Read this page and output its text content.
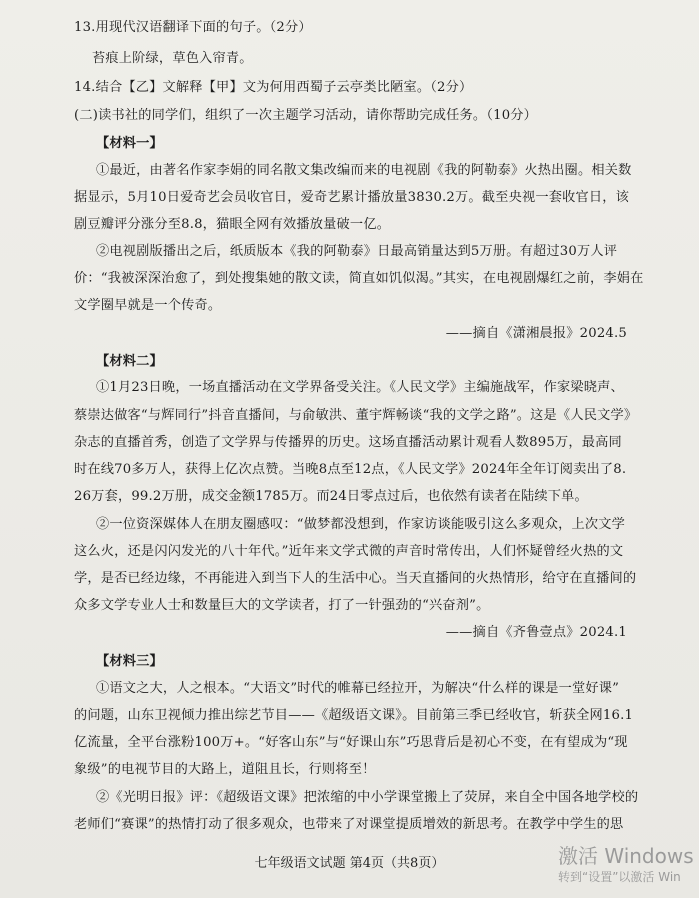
13.用现代汉语翻译下面的句子。（2分）
苔痕上阶绿，草色入帘青。
14.结合【乙】文解释【甲】文为何用西蜀子云亭类比陋室。（2分）
(二)读书社的同学们，组织了一次主题学习活动，请你帮助完成任务。（10分）
【材料一】
①最近，由著名作家李娟的同名散文集改编而来的电视剧《我的阿勒泰》火热出圈。相关数
据显示，5月10日爱奇艺会员收官日，爱奇艺累计播放量3830.2万。截至央视一套收官日，该
剧豆瓣评分涨分至8.8，猫眼全网有效播放量破一亿。
②电视剧版播出之后，纸质版本《我的阿勒泰》日最高销量达到5万册。有超过30万人评
价：“我被深深治愈了，到处搜集她的散文读，简直如饥似渴。”其实，在电视剧爆红之前，李娟在
文学圈早就是一个传奇。
——摘自《潇湘晨报》2024.5
【材料二】
①1月23日晚，一场直播活动在文学界备受关注。《人民文学》主编施战军，作家梁晓声、
蔡崇达做客“与辉同行”抖音直播间，与俞敏洪、董宇辉畅谈“我的文学之路”。这是《人民文学》
杂志的直播首秀，创造了文学界与传播界的历史。这场直播活动累计观看人数895万，最高同
时在线70多万人，获得上亿次点赞。当晚8点至12点，《人民文学》2024年全年订阅卖出了8.
26万套，99.2万册，成交金额1785万。而24日零点过后，也依然有读者在陆续下单。
②一位资深媒体人在朋友圈感叹：“做梦都没想到，作家访谈能吸引这么多观众，上次文学
这么火，还是闪闪发光的八十年代。”近年来文学式微的声音时常传出，人们怀疑曾经火热的文
学，是否已经边缘，不再能进入到当下人的生活中心。当天直播间的火热情形，给守在直播间的
众多文学专业人士和数量巨大的文学读者，打了一针强劲的“兴奋剂”。
——摘自《齐鲁壹点》2024.1
【材料三】
①语文之大，人之根本。“大语文”时代的帷幕已经拉开，为解决“什么样的课是一堂好课”
的问题，山东卫视倾力推出综艺节目——《超级语文课》。目前第三季已经收官，斩获全网16.1
亿流量，全平台涨粉100万+。“好客山东”与“好课山东”巧思背后是初心不变，在有望成为“现
象级”的电视节目的大路上，道阻且长，行则将至！
②《光明日报》评：《超级语文课》把浓缩的中小学课堂搬上了荧屏，来自全中国各地学校的
老师们“赛课”的热情打动了很多观众，也带来了对课堂提质增效的新思考。在教学中学生的思
七年级语文试题 第4页（共8页）	激活 Windows
转到“设置”以激活 Win
